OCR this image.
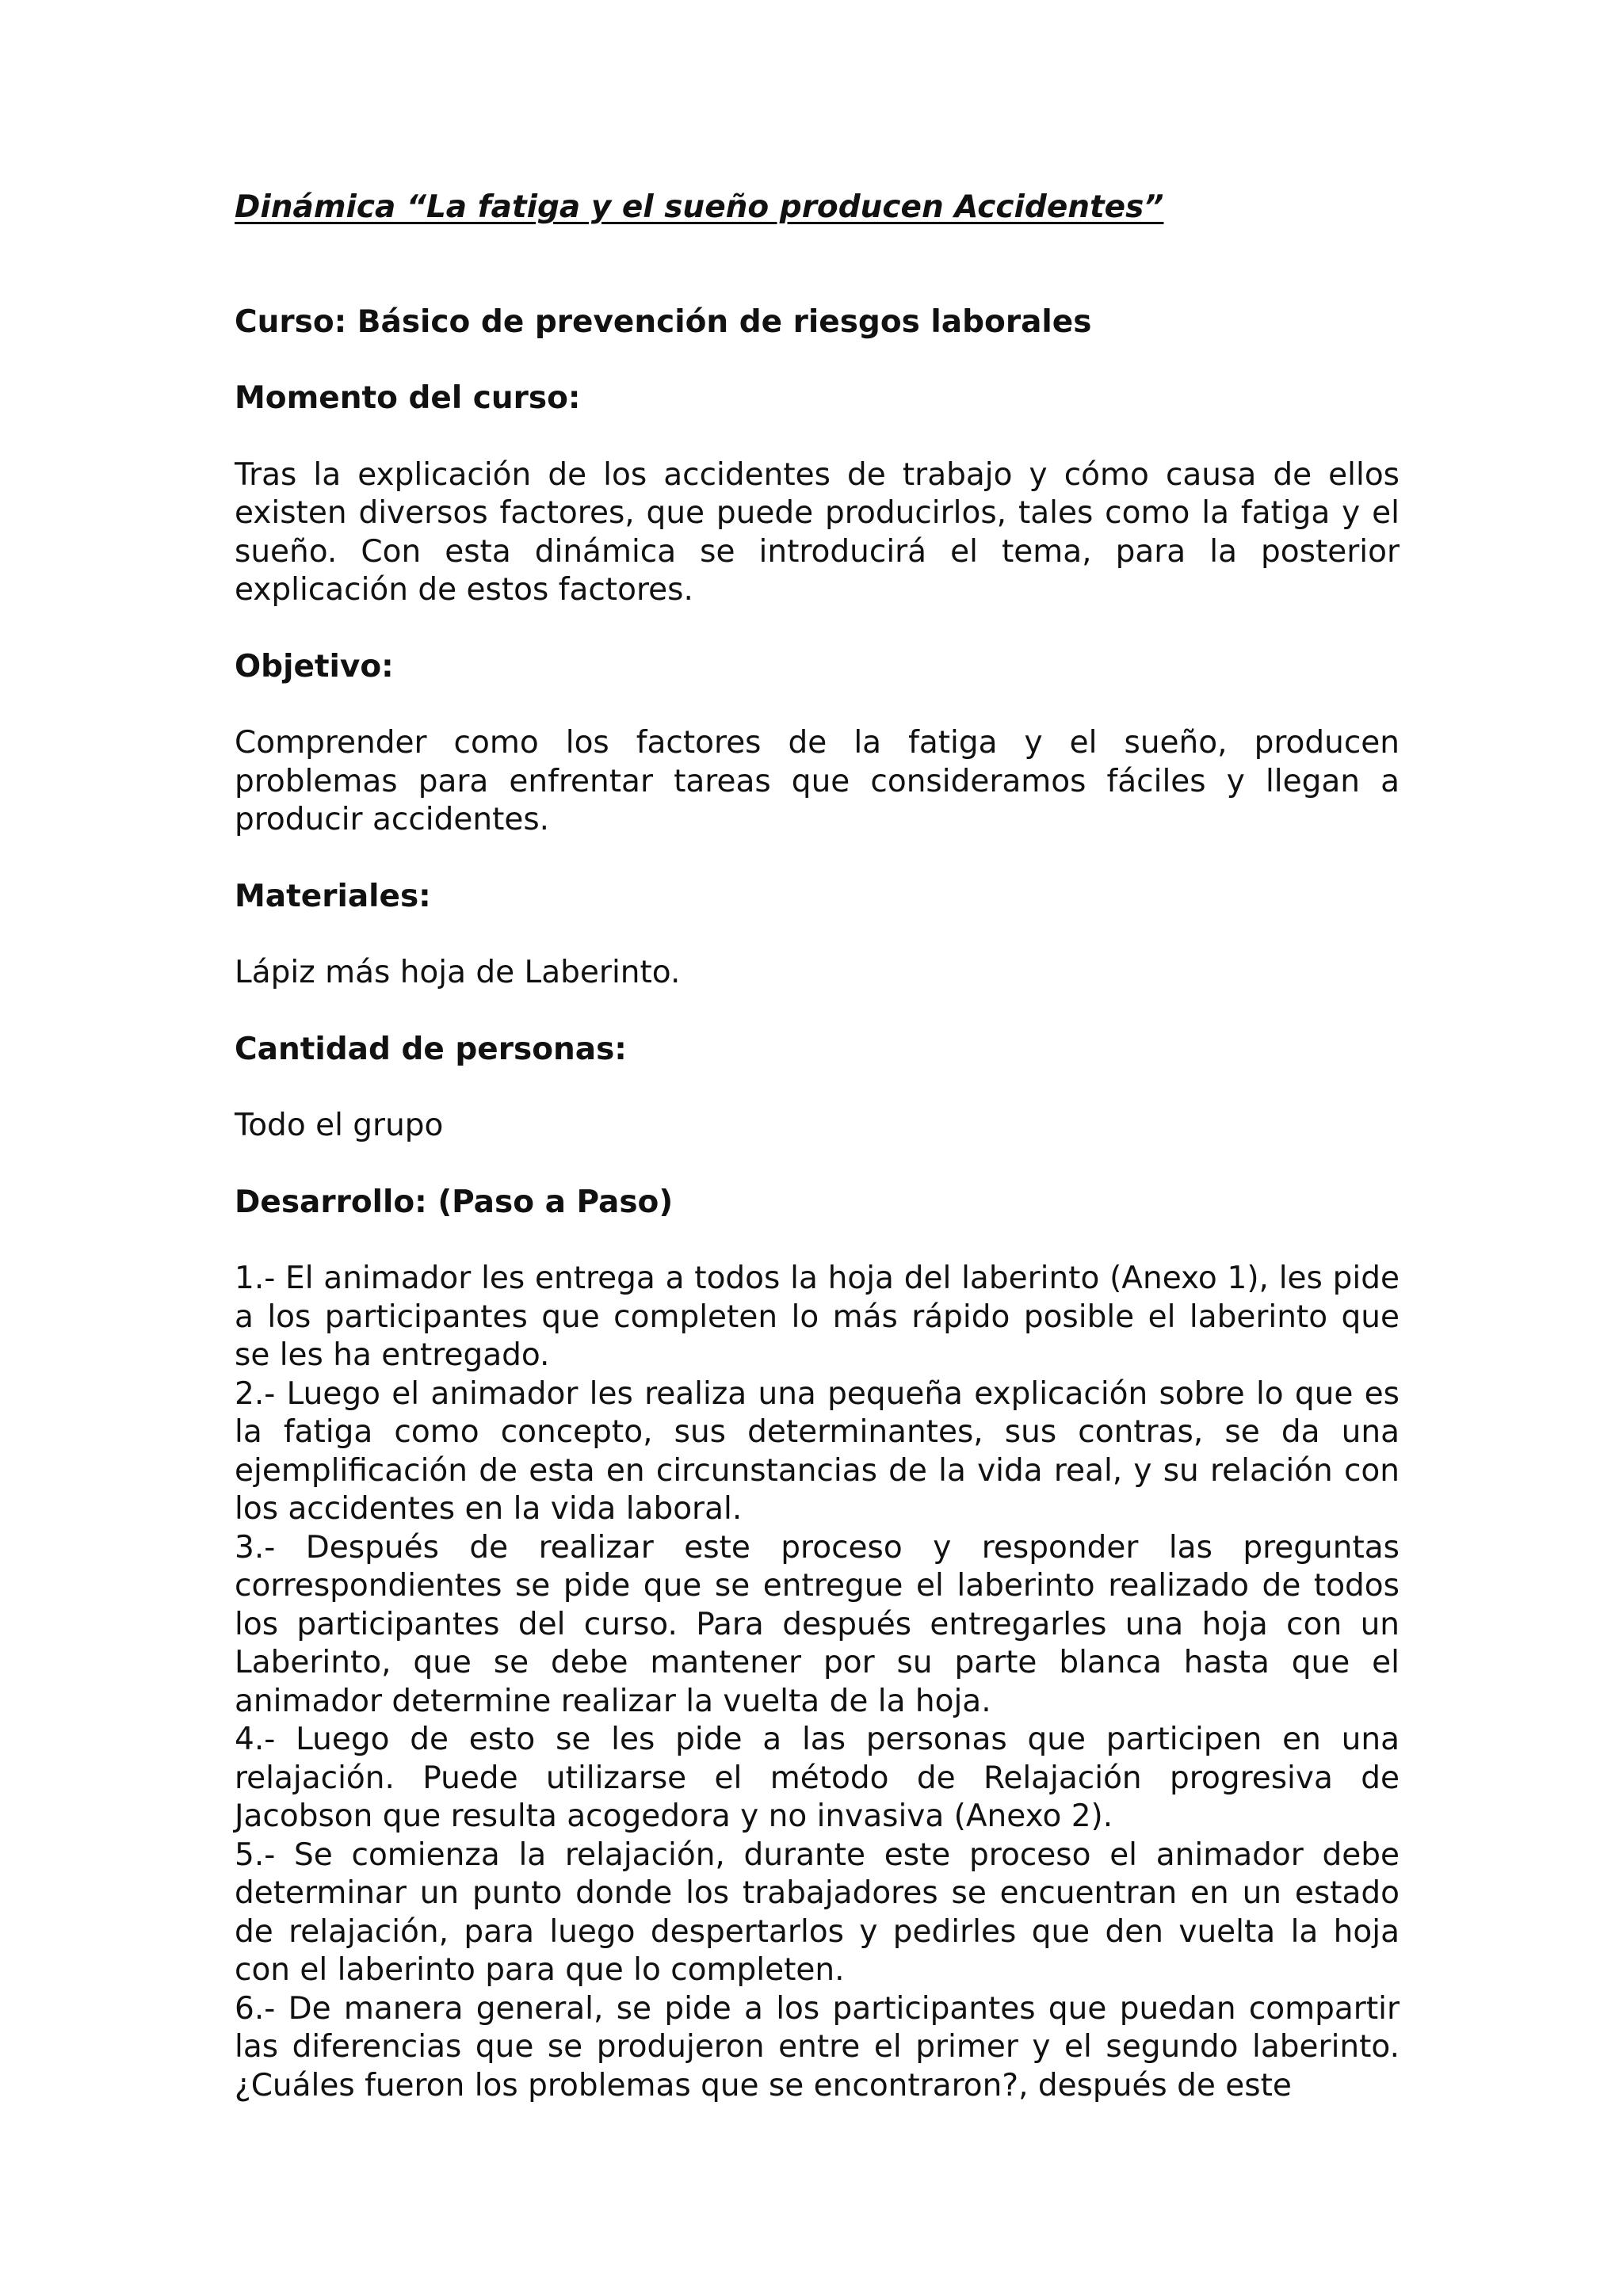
Dinámica “La fatiga y el sueño producen Accidentes”

Curso: Básico de prevención de riesgos laborales

Momento del curso:

Tras la explicación de los accidentes de trabajo y cómo causa de ellos existen diversos factores, que puede producirlos, tales como la fatiga y el sueño. Con esta dinámica se introducirá el tema, para la posterior explicación de estos factores.

Objetivo:

Comprender como los factores de la fatiga y el sueño, producen problemas para enfrentar tareas que consideramos fáciles y llegan a producir accidentes.

Materiales:

Lápiz más hoja de Laberinto.

Cantidad de personas:

Todo el grupo

Desarrollo: (Paso a Paso)

1.- El animador les entrega a todos la hoja del laberinto (Anexo 1), les pide a los participantes que completen lo más rápido posible el laberinto que se les ha entregado.

2.- Luego el animador les realiza una pequeña explicación sobre lo que es la fatiga como concepto, sus determinantes, sus contras, se da una ejemplificación de esta en circunstancias de la vida real, y su relación con los accidentes en la vida laboral.

3.- Después de realizar este proceso y responder las preguntas correspondientes se pide que se entregue el laberinto realizado de todos los participantes del curso. Para después entregarles una hoja con un Laberinto, que se debe mantener por su parte blanca hasta que el animador determine realizar la vuelta de la hoja.

4.- Luego de esto se les pide a las personas que participen en una relajación. Puede utilizarse el método de Relajación progresiva de Jacobson que resulta acogedora y no invasiva (Anexo 2).

5.- Se comienza la relajación, durante este proceso el animador debe determinar un punto donde los trabajadores se encuentran en un estado de relajación, para luego despertarlos y pedirles que den vuelta la hoja con el laberinto para que lo completen.

6.- De manera general, se pide a los participantes que puedan compartir las diferencias que se produjeron entre el primer y el segundo laberinto. ¿Cuáles fueron los problemas que se encontraron?, después de este
